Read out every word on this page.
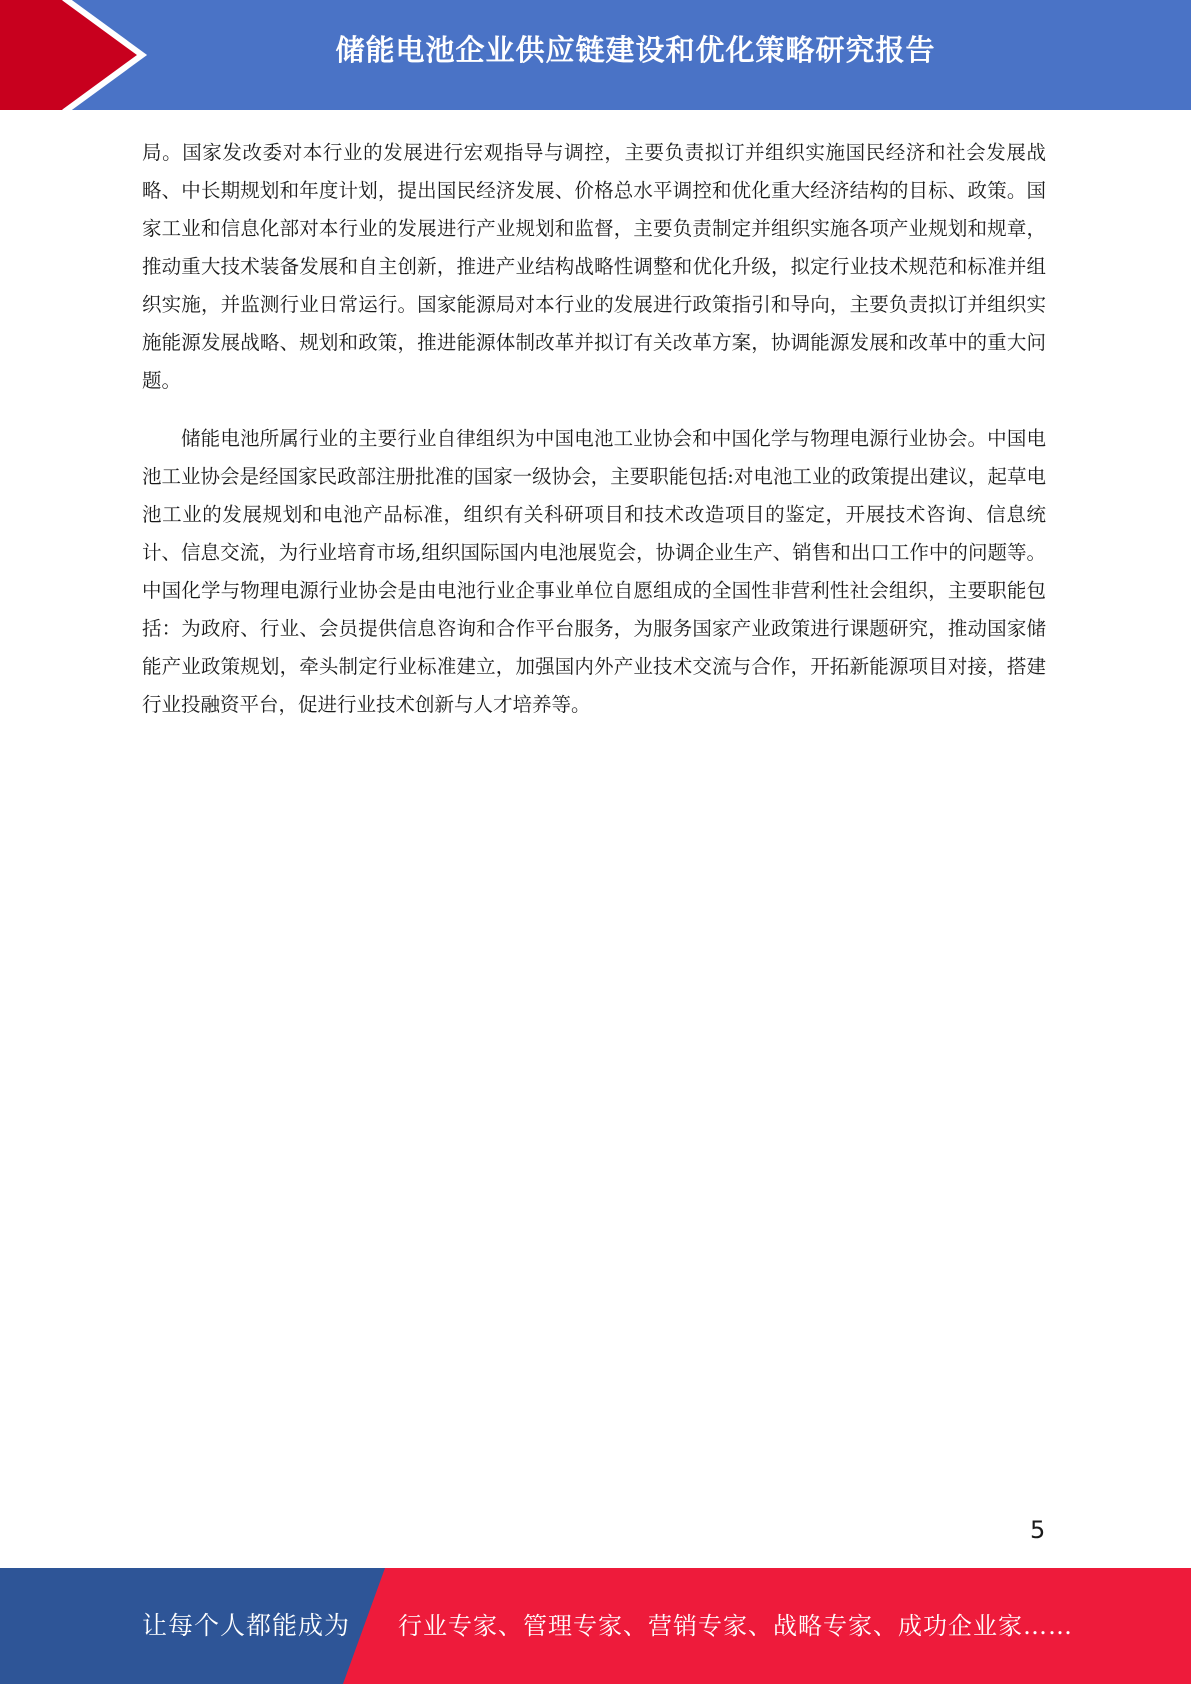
储能电池企业供应链建设和优化策略研究报告

局。国家发改委对本行业的发展进行宏观指导与调控，主要负责拟订并组织实施国民经济和社会发展战略、中长期规划和年度计划，提出国民经济发展、价格总水平调控和优化重大经济结构的目标、政策。国家工业和信息化部对本行业的发展进行产业规划和监督，主要负责制定并组织实施各项产业规划和规章，推动重大技术装备发展和自主创新，推进产业结构战略性调整和优化升级，拟定行业技术规范和标准并组织实施，并监测行业日常运行。国家能源局对本行业的发展进行政策指引和导向，主要负责拟订并组织实施能源发展战略、规划和政策，推进能源体制改革并拟订有关改革方案，协调能源发展和改革中的重大问题。

储能电池所属行业的主要行业自律组织为中国电池工业协会和中国化学与物理电源行业协会。中国电池工业协会是经国家民政部注册批准的国家一级协会，主要职能包括:对电池工业的政策提出建议，起草电池工业的发展规划和电池产品标准，组织有关科研项目和技术改造项目的鉴定，开展技术咨询、信息统计、信息交流，为行业培育市场,组织国际国内电池展览会，协调企业生产、销售和出口工作中的问题等。中国化学与物理电源行业协会是由电池行业企事业单位自愿组成的全国性非营利性社会组织，主要职能包括：为政府、行业、会员提供信息咨询和合作平台服务，为服务国家产业政策进行课题研究，推动国家储能产业政策规划，牵头制定行业标准建立，加强国内外产业技术交流与合作，开拓新能源项目对接，搭建行业投融资平台，促进行业技术创新与人才培养等。

5
让每个人都能成为 行业专家、管理专家、营销专家、战略专家、成功企业家……
